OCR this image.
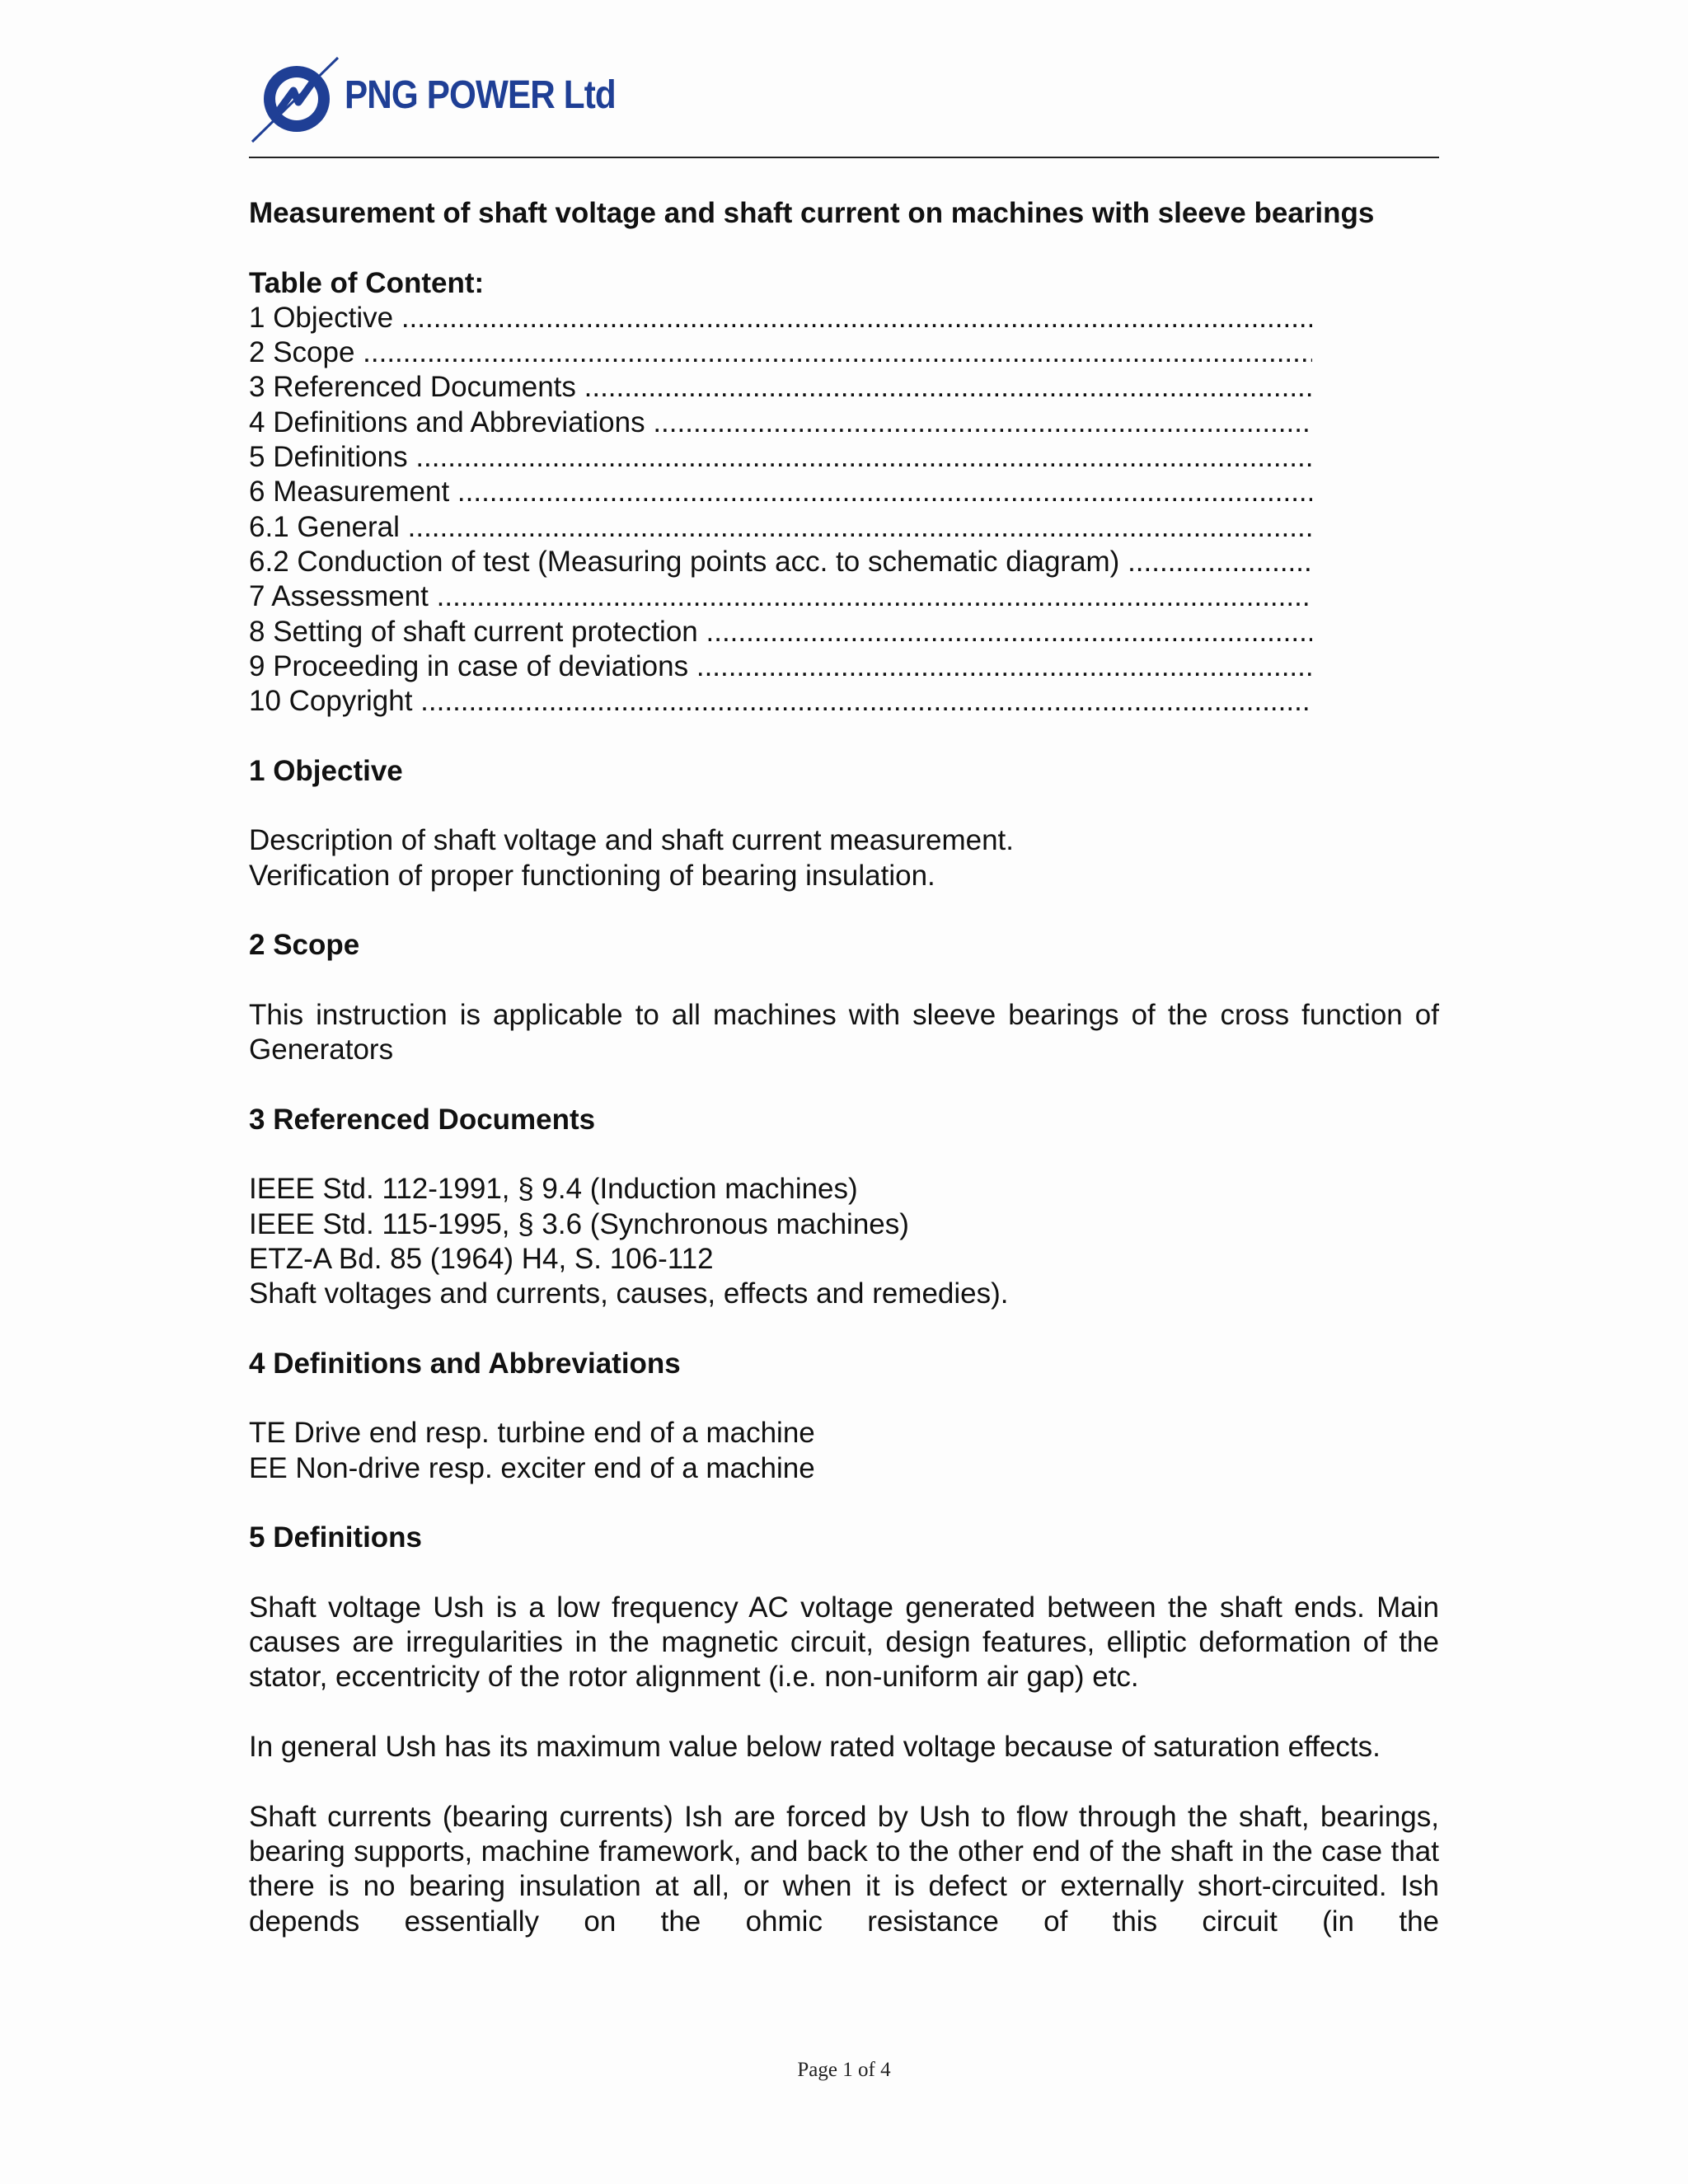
PNG POWER Ltd
Measurement of shaft voltage and shaft current on machines with sleeve bearings
Table of Content:
1 Objective .....
2 Scope .....
3 Referenced Documents .....
4 Definitions and Abbreviations .....
5 Definitions .....
6 Measurement .....
6.1 General .....
6.2 Conduction of test (Measuring points acc. to schematic diagram) .....
7 Assessment .....
8 Setting of shaft current protection .....
9 Proceeding in case of deviations .....
10 Copyright .....
1 Objective
Description of shaft voltage and shaft current measurement.
Verification of proper functioning of bearing insulation.
2 Scope
This instruction is applicable to all machines with sleeve bearings of the cross function of Generators
3 Referenced Documents
IEEE Std. 112-1991, § 9.4 (Induction machines)
IEEE Std. 115-1995, § 3.6 (Synchronous machines)
ETZ-A Bd. 85 (1964) H4, S. 106-112
Shaft voltages and currents, causes, effects and remedies).
4 Definitions and Abbreviations
TE Drive end resp. turbine end of a machine
EE Non-drive resp. exciter end of a machine
5 Definitions
Shaft voltage Ush is a low frequency AC voltage generated between the shaft ends. Main causes are irregularities in the magnetic circuit, design features, elliptic deformation of the stator, eccentricity of the rotor alignment (i.e. non-uniform air gap) etc.
In general Ush has its maximum value below rated voltage because of saturation effects.
Shaft currents (bearing currents) Ish are forced by Ush to flow through the shaft, bearings, bearing supports, machine framework, and back to the other end of the shaft in the case that there is no bearing insulation at all, or when it is defect or externally short-circuited. Ish depends essentially on the ohmic resistance of this circuit (in the
Page 1 of 4
